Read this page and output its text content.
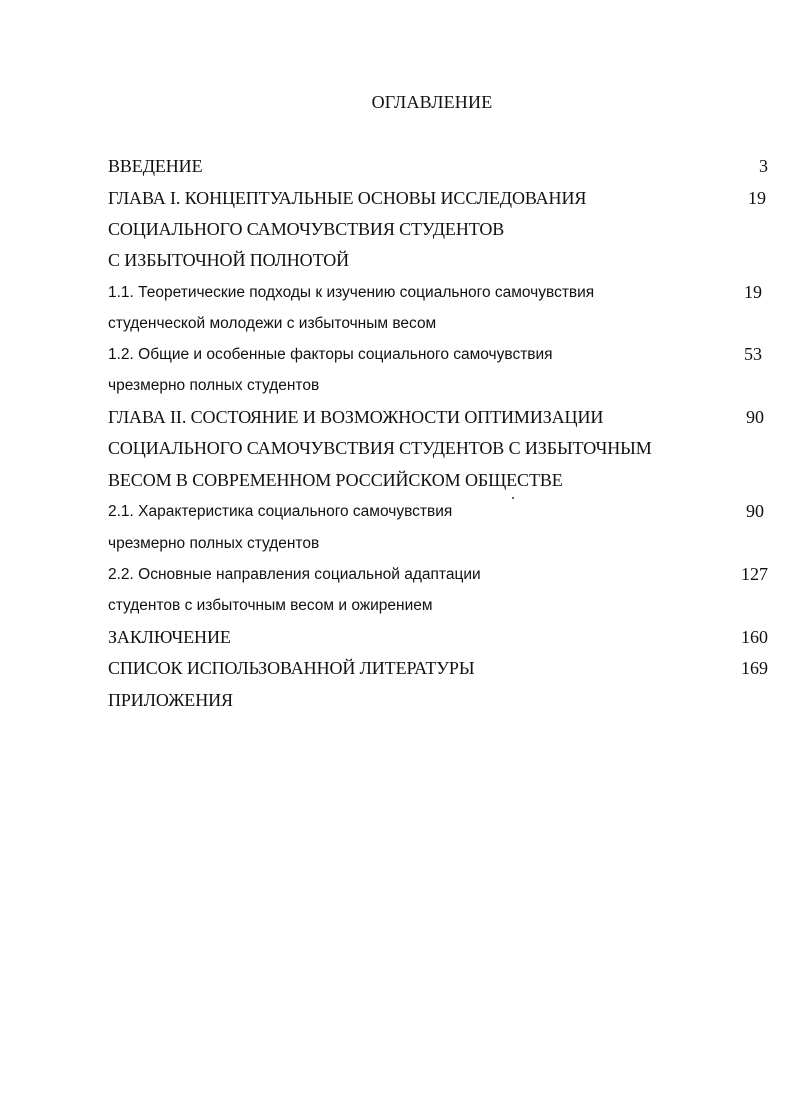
ОГЛАВЛЕНИЕ
ВВЕДЕНИЕ	3
ГЛАВА I. КОНЦЕПТУАЛЬНЫЕ ОСНОВЫ ИССЛЕДОВАНИЯ	19
СОЦИАЛЬНОГО САМОЧУВСТВИЯ СТУДЕНТОВ
С ИЗБЫТОЧНОЙ ПОЛНОТОЙ
1.1. Теоретические подходы к изучению социального самочувствия	19
студенческой молодежи с избыточным весом
1.2. Общие и особенные факторы социального самочувствия	53
чрезмерно полных студентов
ГЛАВА II. СОСТОЯНИЕ И ВОЗМОЖНОСТИ ОПТИМИЗАЦИИ	90
СОЦИАЛЬНОГО САМОЧУВСТВИЯ СТУДЕНТОВ С ИЗБЫТОЧНЫМ
ВЕСОМ В СОВРЕМЕННОМ РОССИЙСКОМ ОБЩЕСТВЕ
2.1. Характеристика социального самочувствия	90
чрезмерно полных студентов
2.2. Основные направления социальной адаптации	127
студентов с избыточным весом и ожирением
ЗАКЛЮЧЕНИЕ	160
СПИСОК ИСПОЛЬЗОВАННОЙ ЛИТЕРАТУРЫ	169
ПРИЛОЖЕНИЯ
